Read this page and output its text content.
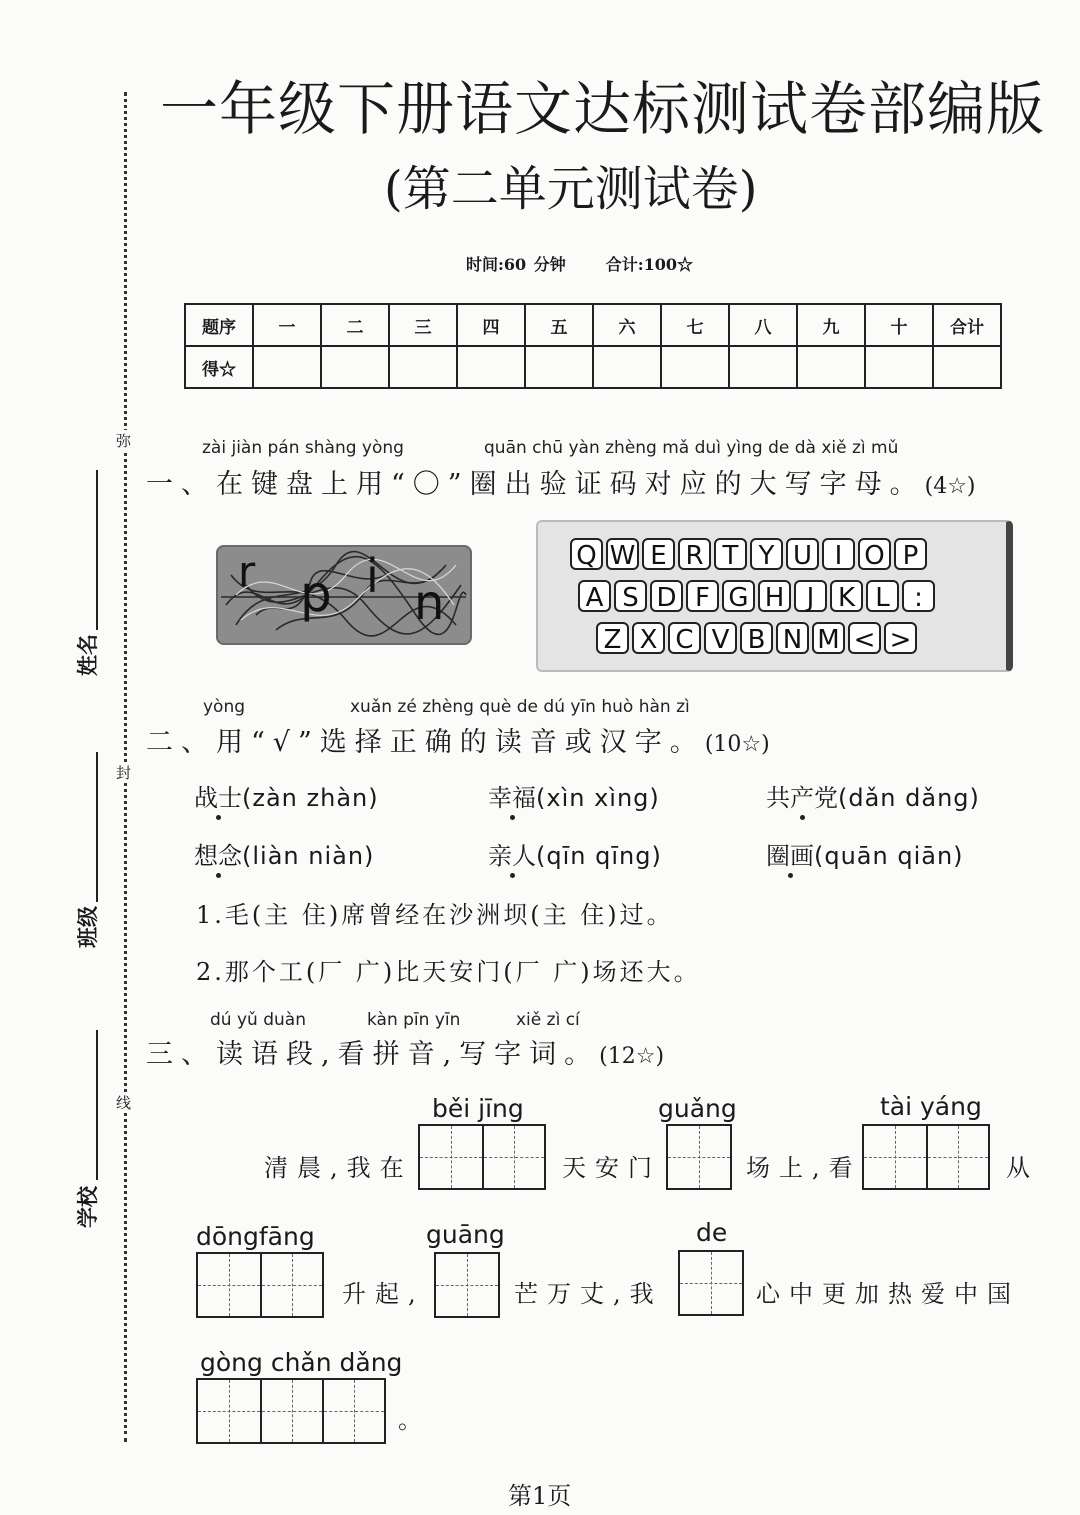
弥
封
线
姓名
班级
学校
一年级下册语文达标测试卷部编版
(第二单元测试卷)
时间:60 分钟	合计:100☆
题序	一	二	三	四	五	六	七	八	九	十	合计
得☆											
zài jiàn pán shàng yòng	quān chū yàn zhèng mǎ duì yìng de dà xiě zì mǔ
一、在键盘上用“〇”圈出验证码对应的大写字母。(4☆)
r p i n
Q W E R T Y U I O P
A S D F G H J K L :
Z X C V B N M < >
yòng	xuǎn zé zhèng què de dú yīn huò hàn zì
二、用“√”选择正确的读音或汉字。(10☆)
战士(zàn zhàn)	幸福(xìn xìng)	共产党(dǎn dǎng)
想念(liàn niàn)	亲人(qīn qīng)	圈画(quān qiān)
1.毛(主 住)席曾经在沙洲坝(主 住)过。
2.那个工(厂 广)比天安门(厂 广)场还大。
dú yǔ duàn	kàn pīn yīn	xiě zì cí
三、读语段,看拼音,写字词。(12☆)
běi jīng	guǎng	tài yáng
清晨,我在	天安门	场上,看	从
dōngfāng	guāng	de
升起,	芒万丈,我	心中更加热爱中国
gòng chǎn dǎng
。
第1页
